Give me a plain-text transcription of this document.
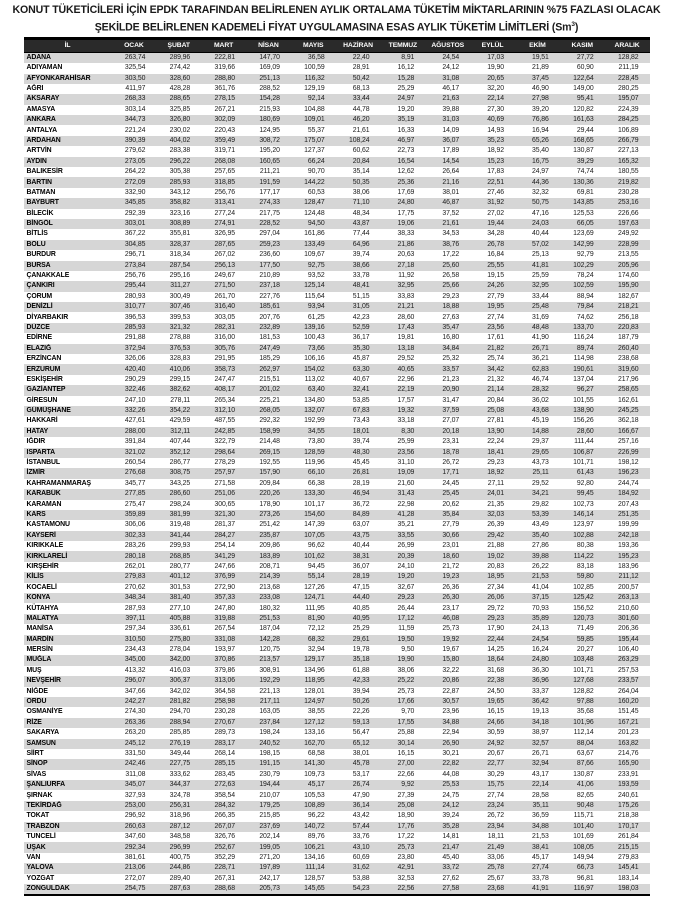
KONUT TÜKETİCİLERİ İÇİN EPDK TARAFINDAN BELİRLENEN AYLIK ORTALAMA TÜKETİM MİKTARLARININ %75 FAZLASI OLACAK
ŞEKİLDE BELİRLENEN KADEMELİ FİYAT UYGULAMASINA ESAS AYLIK TÜKETİM LİMİTLERİ (Sm$^3$)
İL	OCAK	ŞUBAT	MART	NİSAN	MAYIS	HAZİRAN	TEMMUZ	AĞUSTOS	EYLÜL	EKİM	KASIM	ARALIK
ADANA	263,74	289,96	222,81	147,70	36,58	22,40	8,91	24,54	17,03	19,51	27,72	128,82
ADIYAMAN	325,54	274,42	319,66	169,09	100,59	28,91	16,12	24,12	19,90	21,89	60,90	211,19
AFYONKARAHİSAR	303,50	328,60	288,80	251,13	116,32	50,42	15,28	31,08	20,65	37,45	122,64	228,45
AĞRI	411,97	428,28	361,76	288,52	129,19	68,13	25,29	46,17	32,20	46,90	149,00	280,25
AKSARAY	268,33	288,65	278,15	154,28	92,14	33,44	24,97	21,63	22,14	27,98	95,41	195,07
AMASYA	303,14	325,85	267,21	215,93	104,88	44,78	19,20	39,88	27,30	39,20	120,82	224,39
ANKARA	344,73	326,80	302,09	180,69	109,01	46,20	35,19	31,03	40,69	76,86	161,63	284,25
ANTALYA	221,24	230,02	220,43	124,95	55,37	21,61	16,33	14,09	14,93	16,94	29,44	106,89
ARDAHAN	390,39	404,02	359,49	308,72	175,07	108,24	46,97	36,07	35,23	65,26	168,65	266,79
ARTVİN	279,62	283,38	319,71	195,20	127,37	60,62	22,73	17,89	18,92	35,40	130,87	227,13
AYDIN	273,05	296,22	268,08	160,65	66,24	20,84	16,54	14,54	15,23	16,75	39,29	165,32
BALIKESİR	264,22	305,38	257,65	211,21	90,70	35,14	12,62	26,64	17,83	24,97	74,74	180,55
BARTIN	272,09	285,93	318,85	191,59	144,22	50,35	25,36	21,16	22,51	44,36	130,36	219,82
BATMAN	332,90	343,12	256,76	177,17	60,53	38,06	17,69	38,01	27,46	32,32	69,81	230,28
BAYBURT	345,85	358,82	313,41	274,33	128,47	71,10	24,80	46,87	31,92	50,75	143,85	253,16
BİLECİK	292,39	323,16	277,24	217,75	124,48	48,34	17,75	37,52	27,02	47,16	125,53	226,66
BİNGÖL	303,01	308,89	274,91	228,52	94,50	43,87	19,06	21,61	19,44	24,03	66,05	197,63
BİTLİS	367,22	355,81	326,95	297,04	161,86	77,44	38,33	34,53	34,28	40,44	123,69	249,92
BOLU	304,85	328,37	287,65	259,23	133,49	64,96	21,86	38,76	26,78	57,02	142,99	228,99
BURDUR	296,71	318,34	267,02	236,60	109,67	39,74	20,63	17,22	16,84	25,13	92,79	213,55
BURSA	273,84	287,54	256,13	177,50	92,75	38,66	27,18	25,60	25,55	41,81	102,29	205,96
ÇANAKKALE	256,76	295,16	249,67	210,89	93,52	33,78	11,92	26,58	19,15	25,59	78,24	174,60
ÇANKIRI	295,44	311,27	271,50	237,18	125,14	48,41	32,95	25,66	24,26	32,95	102,59	195,90
ÇORUM	280,93	300,49	261,70	227,76	115,64	51,15	33,83	29,23	27,79	33,44	88,94	182,67
DENİZLİ	310,77	307,46	316,40	185,61	93,94	31,05	21,21	18,88	19,95	25,48	79,84	218,21
DİYARBAKIR	396,53	399,53	303,05	207,76	61,25	42,23	28,60	27,63	27,74	31,69	74,62	256,18
DÜZCE	285,93	321,32	282,31	232,89	139,16	52,59	17,43	35,47	23,56	48,48	133,70	220,83
EDİRNE	291,88	278,88	316,00	181,53	100,43	36,17	19,81	16,80	17,61	41,90	116,24	187,79
ELAZIĞ	372,94	376,53	305,76	247,49	73,66	35,30	13,18	34,84	21,82	26,71	89,74	260,40
ERZİNCAN	326,06	328,83	291,95	185,29	106,16	45,87	29,52	25,32	25,74	36,21	114,98	238,68
ERZURUM	420,40	410,06	358,73	262,97	154,02	63,30	40,65	33,57	34,42	62,83	190,61	319,60
ESKİŞEHİR	290,29	299,15	247,47	215,51	113,02	40,67	22,96	21,23	21,32	46,74	137,04	217,96
GAZİANTEP	322,46	382,62	408,17	201,02	63,40	32,41	22,19	20,90	21,14	28,32	96,27	258,65
GİRESUN	247,10	278,11	265,34	225,21	134,80	53,85	17,57	31,47	20,84	36,02	101,55	162,61
GÜMÜŞHANE	332,26	354,22	312,10	268,05	132,07	67,83	19,32	37,59	25,08	43,68	138,90	245,25
HAKKARİ	427,61	429,59	487,55	292,32	192,99	73,43	33,18	27,07	27,81	45,19	156,26	362,18
HATAY	288,00	312,11	242,85	158,99	34,55	18,01	8,30	20,18	13,90	14,88	28,60	166,67
IĞDIR	391,84	407,44	322,79	214,48	73,80	39,74	25,99	23,31	22,24	29,37	111,44	257,16
ISPARTA	321,02	352,12	298,64	269,15	128,59	48,30	23,56	18,78	18,41	29,65	106,87	226,99
İSTANBUL	260,54	286,77	278,29	192,55	119,96	45,45	31,10	26,72	29,23	43,73	101,71	198,12
İZMİR	276,68	308,75	257,97	157,90	66,10	26,81	19,09	17,71	18,92	25,11	61,43	196,23
KAHRAMANMARAŞ	345,77	343,25	271,58	209,84	66,38	28,19	21,60	24,45	27,11	29,52	92,80	244,74
KARABÜK	277,85	286,60	251,06	220,26	133,30	46,94	31,43	25,45	24,01	34,21	99,45	184,92
KARAMAN	275,47	298,24	300,65	178,90	101,17	36,72	22,98	20,62	21,35	29,82	102,73	207,43
KARS	359,89	381,99	321,30	273,26	154,60	84,89	41,28	35,84	32,03	53,39	146,14	251,35
KASTAMONU	306,06	319,48	281,37	251,42	147,39	63,07	35,21	27,79	26,39	43,49	123,97	199,99
KAYSERİ	302,33	341,44	284,27	235,87	107,05	43,75	33,55	30,66	29,42	35,40	102,88	242,18
KIRIKKALE	283,26	299,93	254,14	209,86	96,62	40,44	26,99	23,01	21,88	27,86	80,38	193,36
KIRKLARELİ	280,18	268,85	341,29	183,89	101,62	38,31	20,39	18,60	19,02	39,88	114,22	195,23
KIRŞEHİR	262,01	280,77	247,66	208,71	94,45	36,07	24,10	21,72	20,83	26,22	83,18	183,96
KİLİS	279,83	401,12	376,99	214,39	55,14	28,19	19,20	19,23	18,95	21,53	59,80	211,12
KOCAELİ	270,62	301,53	272,90	213,68	127,26	47,15	32,67	26,36	27,34	41,04	102,85	200,57
KONYA	348,34	381,40	357,33	233,08	124,71	44,40	29,23	26,30	26,06	37,15	125,42	263,13
KÜTAHYA	287,93	277,10	247,80	180,32	111,95	40,85	26,44	23,17	29,72	70,93	156,52	210,60
MALATYA	397,11	405,88	319,88	251,53	81,90	40,95	17,12	46,08	29,23	35,89	120,73	301,60
MANİSA	297,34	336,61	267,54	187,04	72,12	25,29	11,59	25,73	17,90	24,13	71,49	206,36
MARDİN	310,50	275,80	331,08	142,28	68,32	29,61	19,50	19,92	22,44	24,54	59,85	195,44
MERSİN	234,43	278,04	193,97	120,75	32,94	19,78	9,50	19,67	14,25	16,24	20,27	106,40
MUĞLA	345,00	342,00	370,86	213,57	129,17	35,18	19,90	15,80	18,64	24,80	103,48	263,29
MUŞ	413,32	416,03	379,86	308,91	134,96	61,88	38,06	32,22	31,68	36,30	101,71	257,53
NEVŞEHİR	296,07	306,37	313,06	192,29	118,95	42,33	25,22	20,86	22,38	36,96	127,68	233,57
NİĞDE	347,66	342,02	364,58	221,13	128,01	39,94	25,73	22,87	24,50	33,37	128,82	264,04
ORDU	242,27	281,82	258,98	217,11	124,97	50,26	17,66	30,57	19,65	36,42	97,88	160,20
OSMANİYE	274,30	294,70	230,28	163,05	38,55	22,26	9,70	23,96	16,15	19,13	35,68	151,45
RİZE	263,36	288,94	270,67	237,84	127,12	59,13	17,55	34,88	24,66	34,18	101,96	167,21
SAKARYA	263,20	285,85	289,73	198,24	133,16	56,47	25,88	22,94	30,59	38,97	112,14	201,23
SAMSUN	245,12	276,19	283,17	240,52	162,70	65,12	30,14	26,90	24,92	32,57	88,04	163,82
SİİRT	331,50	349,44	268,14	198,15	68,58	38,01	16,15	30,21	20,67	26,71	63,67	214,76
SİNOP	242,46	227,75	285,15	191,15	141,30	45,78	27,00	22,82	22,77	32,94	87,66	165,90
SİVAS	311,08	333,62	283,45	230,79	109,73	53,17	22,66	44,08	30,29	43,17	130,87	233,91
ŞANLIURFA	345,07	344,37	272,63	194,44	45,17	26,74	9,92	25,53	15,75	22,14	41,06	193,59
ŞIRNAK	327,93	324,78	358,54	210,07	105,53	47,90	27,39	24,75	27,74	28,58	82,65	240,61
TEKİRDAĞ	253,00	256,31	284,32	179,25	108,89	36,14	25,08	24,12	23,24	35,11	90,48	175,26
TOKAT	296,92	318,96	266,35	215,85	96,22	43,42	18,90	39,24	26,72	36,59	115,71	218,38
TRABZON	260,63	287,12	267,07	237,69	140,72	57,44	17,76	35,28	23,94	34,88	101,40	170,17
TUNCELİ	347,60	348,58	326,76	202,14	89,76	33,76	17,22	14,81	18,11	21,53	101,69	261,84
UŞAK	292,34	296,99	252,67	199,05	106,21	43,10	25,73	21,47	21,49	38,41	108,05	215,15
VAN	381,61	400,75	352,29	271,20	134,16	60,69	23,80	45,40	33,06	45,17	149,94	279,83
YALOVA	213,06	244,86	228,71	197,89	111,14	31,62	42,91	33,72	25,78	27,74	66,73	145,41
YOZGAT	272,07	289,40	267,31	242,17	128,57	53,88	32,53	27,62	25,67	33,78	96,81	183,14
ZONGULDAK	254,75	287,63	288,68	205,73	145,65	54,23	22,56	27,58	23,68	41,91	116,97	198,03
